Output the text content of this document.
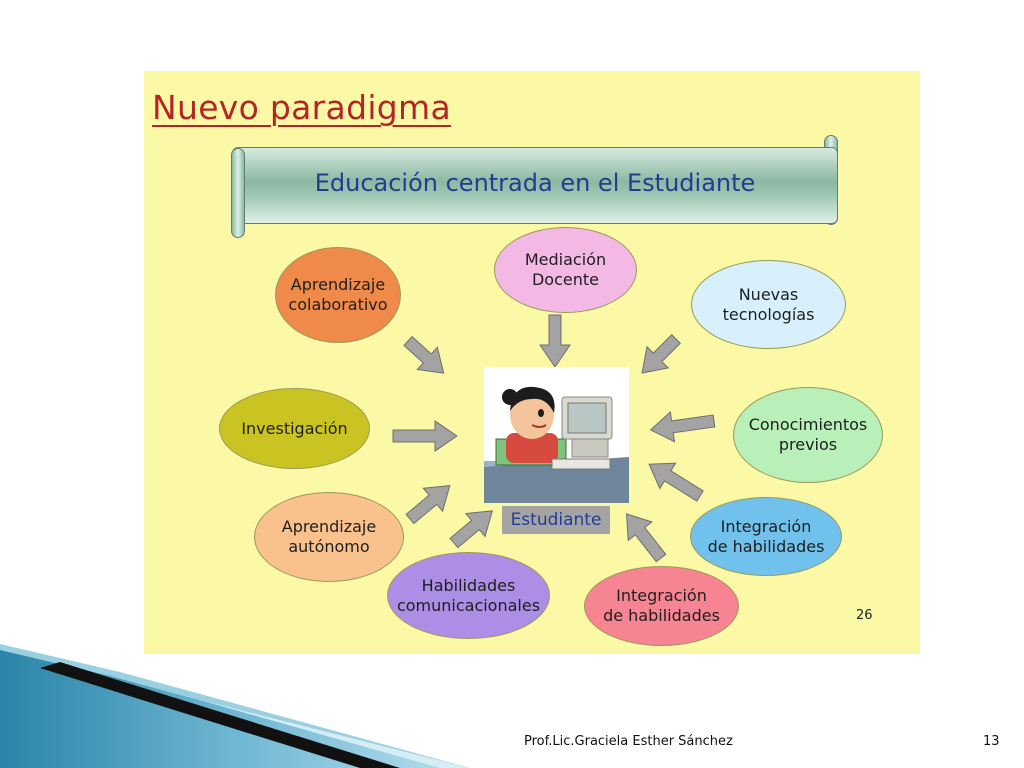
Nuevo paradigma
Educación centrada en el Estudiante
Aprendizaje
colaborativo
Mediación
Docente
Nuevas
tecnologías
Investigación	Conocimientos
previos
Aprendizaje
autónomo
Integración
de habilidades
Habilidades
comunicacionales	Integración
de habilidades
Estudiante
26
Prof.Lic.Graciela Esther Sánchez	13
